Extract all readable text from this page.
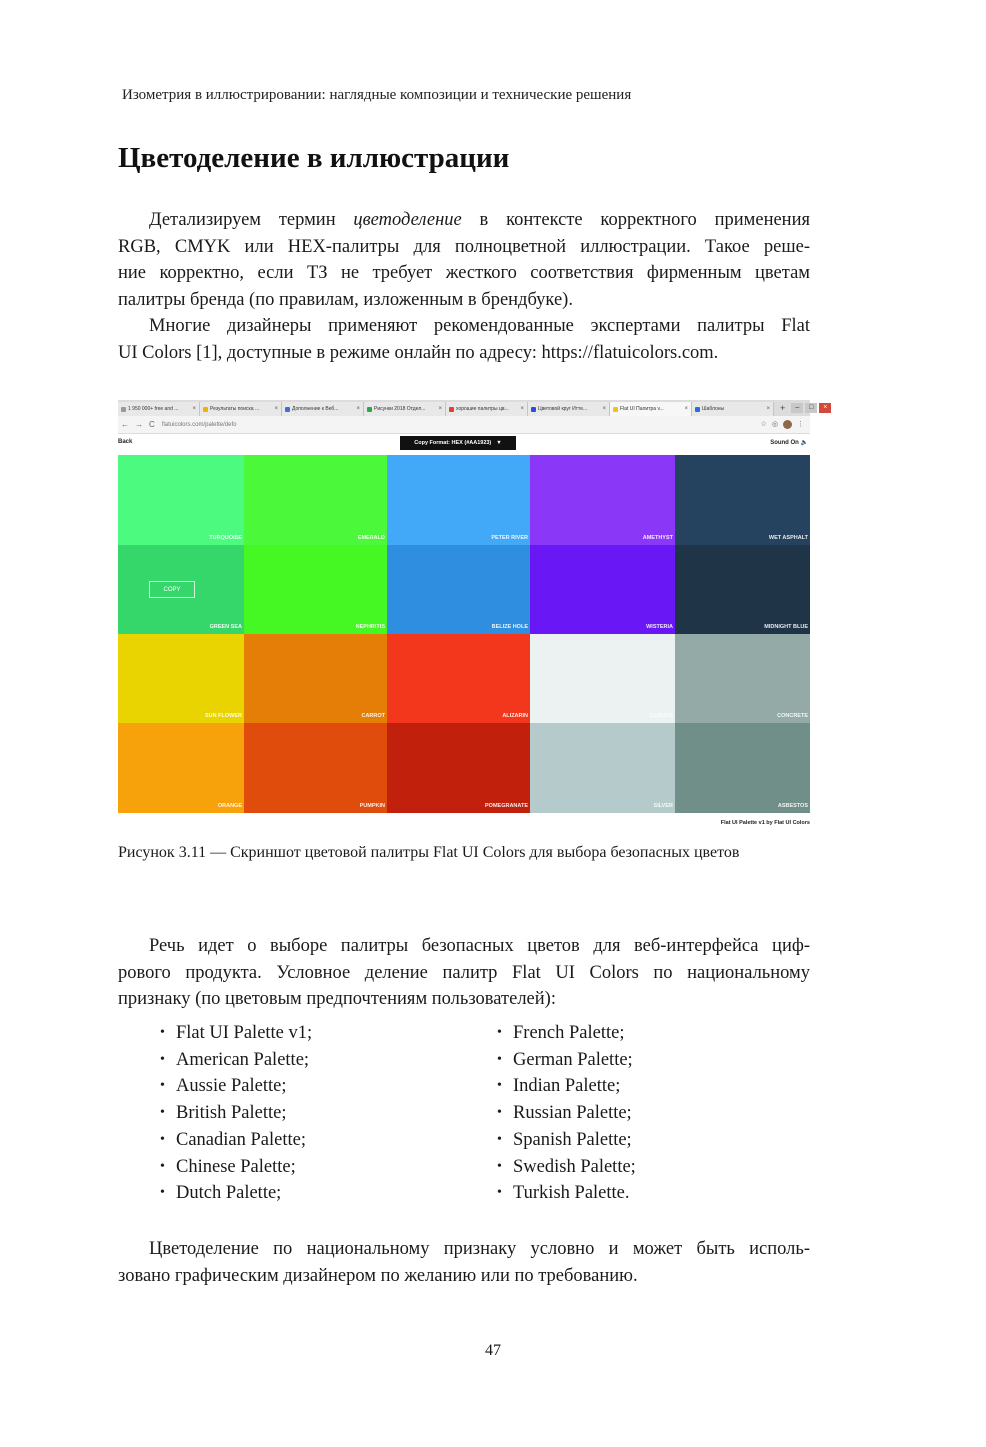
Изометрия в иллюстрировании: наглядные композиции и технические решения
Цветоделение в иллюстрации

Детализируем термин цветоделение в контексте корректного применения

RGB, CMYK или HEX-палитры для полноцветной иллюстрации. Такое реше-
ние корректно, если ТЗ не требует жесткого соответствия фирменным цветам
палитры бренда (по правилам, изложенным в брендбуке).

Многие дизайнеры применяют рекомендованные экспертами палитры Flat

UI Colors [1], доступные в режиме онлайн по адресу: https://flatuicolors.com.

1 950 000+ free and ... ×	Результаты поиска ...	×	Дополнение к Веб...	×	Рисунки 2018 Отдел... ×	хорошие палитры цв... ×	Цветовой круг Итте...	×	Flat UI Палитра v...	×	Шаблоны	×	+	–	□	×
← → C	flatuicolors.com/palette/defo	☆ ◎	⋮
Back	Copy Format: HEX (#AA1923) ▼	Sound On 🔈
TURQUOISE	EMERALD	PETER RIVER	AMETHYST	WET ASPHALT
GREEN SEA
COPY
NEPHRITIS	BELIZE HOLE	WISTERIA	MIDNIGHT BLUE
SUN FLOWER	CARROT	ALIZARIN	CLOUDS	CONCRETE
ORANGE	PUMPKIN	POMEGRANATE	SILVER	ASBESTOS
Flat UI Palette v1 by Flat UI Colors

Рисунок 3.11 — Скриншот цветовой палитры Flat UI Colors для выбора безопасных цветов

Речь идет о выборе палитры безопасных цветов для веб-интерфейса циф-

рового продукта. Условное деление палитр Flat UI Colors по национальному
признаку (по цветовым предпочтениям пользователей):

• Flat UI Palette v1;
• American Palette;
• Aussie Palette;
• British Palette;
• Canadian Palette;
• Chinese Palette;
• Dutch Palette;
• French Palette;
• German Palette;
• Indian Palette;
• Russian Palette;
• Spanish Palette;
• Swedish Palette;
• Turkish Palette.

Цветоделение по национальному признаку условно и может быть исполь-

зовано графическим дизайнером по желанию или по требованию.

47
